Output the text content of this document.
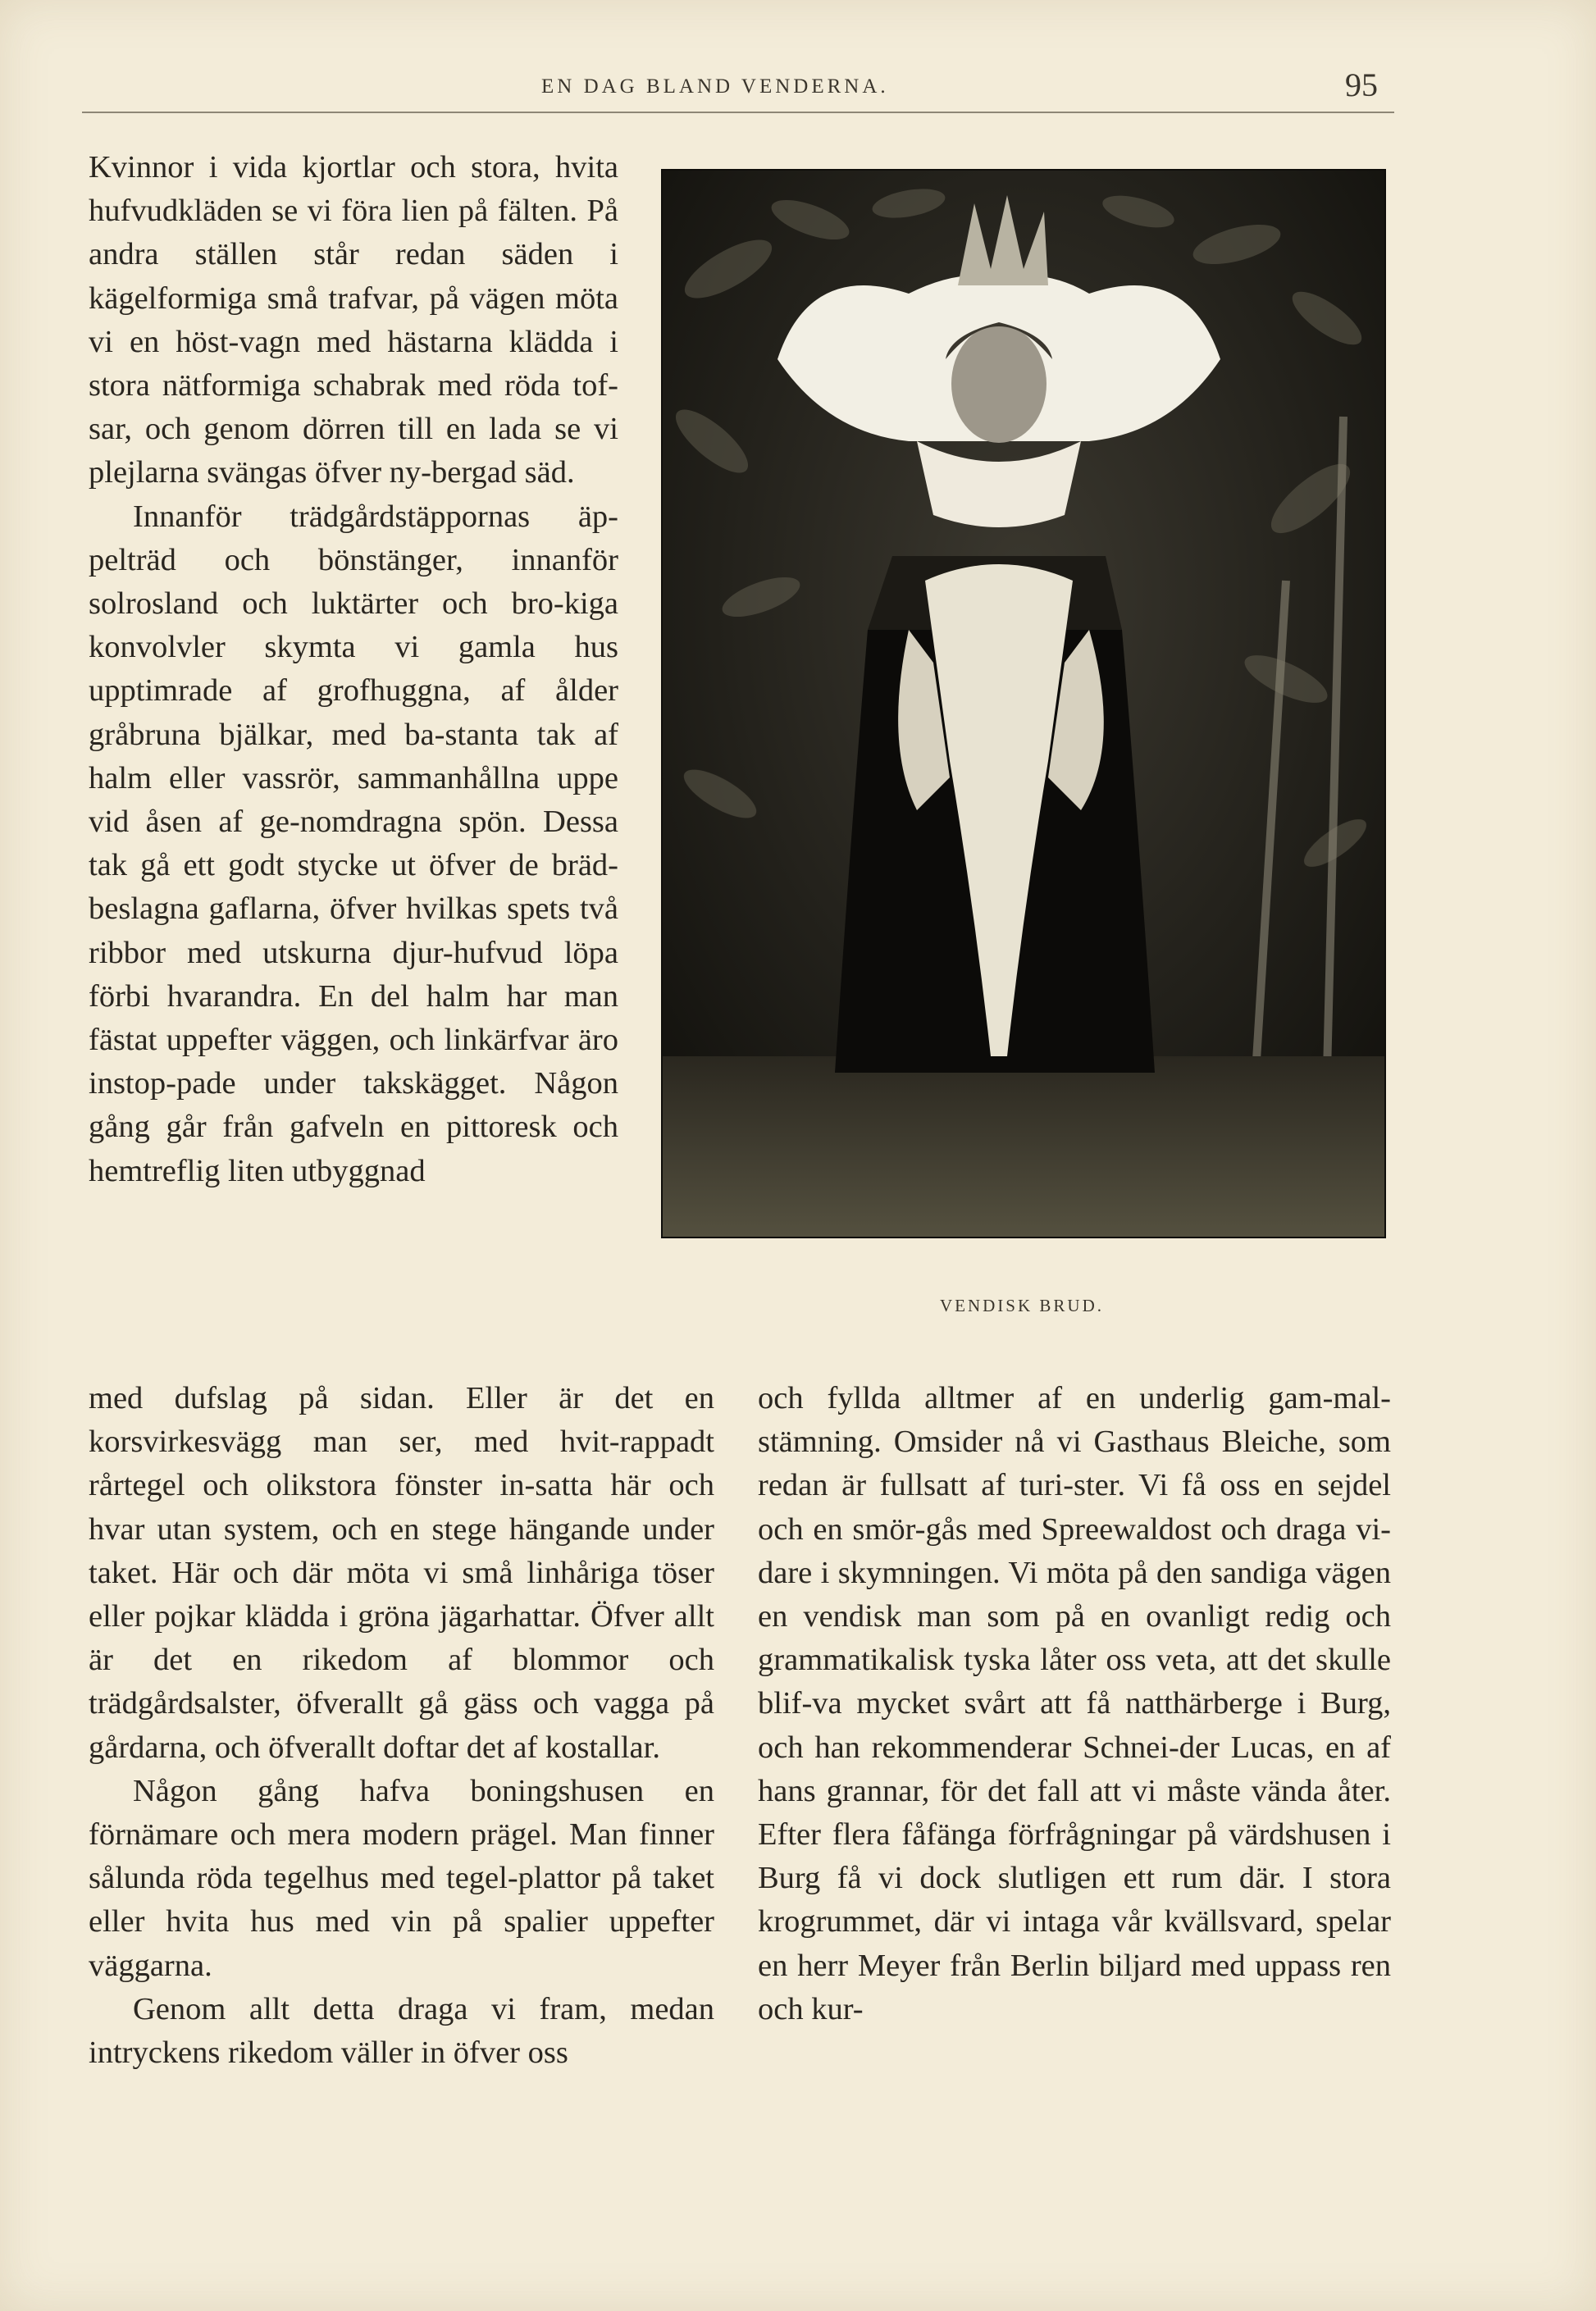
EN DAG BLAND VENDERNA.	95

Kvinnor i vida kjortlar och stora, hvita hufvudkläden se vi föra lien på fälten. På andra ställen står redan säden i kägelformiga små trafvar, på vägen möta vi en höst-vagn med hästarna klädda i stora nätformiga schabrak med röda tof-sar, och genom dörren till en lada se vi plejlarna svängas öfver ny-bergad säd.

Innanför trädgårdstäppornas äp-pelträd och bönstänger, innanför solrosland och luktärter och bro-kiga konvolvler skymta vi gamla hus upptimrade af grofhuggna, af ålder gråbruna bjälkar, med ba-stanta tak af halm eller vassrör, sammanhållna uppe vid åsen af ge-nomdragna spön. Dessa tak gå ett godt stycke ut öfver de bräd-beslagna gaflarna, öfver hvilkas spets två ribbor med utskurna djur-hufvud löpa förbi hvarandra. En del halm har man fästat uppefter väggen, och linkärfvar äro instop-pade under takskägget. Någon gång går från gafveln en pittoresk och hemtreflig liten utbyggnad

VENDISK BRUD.

med dufslag på sidan. Eller är det en korsvirkesvägg man ser, med hvit-rappadt rårtegel och olikstora fönster in-satta här och hvar utan system, och en stege hängande under taket. Här och där möta vi små linhåriga töser eller pojkar klädda i gröna jägarhattar. Öfver allt är det en rikedom af blommor och trädgårdsalster, öfverallt gå gäss och vagga på gårdarna, och öfverallt doftar det af kostallar.

Någon gång hafva boningshusen en förnämare och mera modern prägel. Man finner sålunda röda tegelhus med tegel-plattor på taket eller hvita hus med vin på spalier uppefter väggarna.

Genom allt detta draga vi fram, medan intryckens rikedom väller in öfver oss

och fyllda alltmer af en underlig gam-mal-stämning. Omsider nå vi Gasthaus Bleiche, som redan är fullsatt af turi-ster. Vi få oss en sejdel och en smör-gås med Spreewaldost och draga vi-dare i skymningen. Vi möta på den sandiga vägen en vendisk man som på en ovanligt redig och grammatikalisk tyska låter oss veta, att det skulle blif-va mycket svårt att få natthärberge i Burg, och han rekommenderar Schnei-der Lucas, en af hans grannar, för det fall att vi måste vända åter. Efter flera fåfänga förfrågningar på värdshusen i Burg få vi dock slutligen ett rum där. I stora krogrummet, där vi intaga vår kvällsvard, spelar en herr Meyer från Berlin biljard med uppass ren och kur-
